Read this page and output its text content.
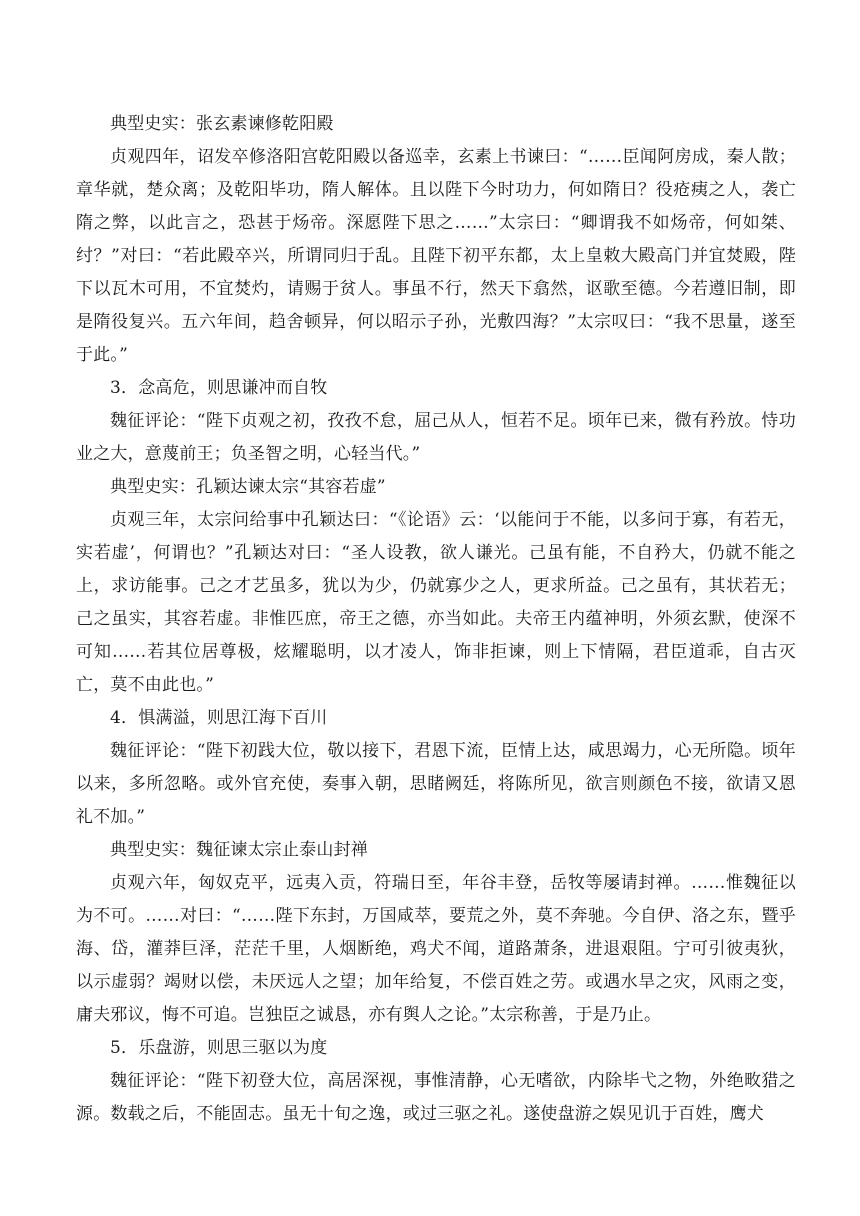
典型史实：张玄素谏修乾阳殿

贞观四年，诏发卒修洛阳宫乾阳殿以备巡幸，玄素上书谏曰：“……臣闻阿房成，秦人散；章华就，楚众离；及乾阳毕功，隋人解体。且以陛下今时功力，何如隋日？役疮痍之人，袭亡隋之弊，以此言之，恐甚于炀帝。深愿陛下思之……”太宗曰：“卿谓我不如炀帝，何如桀、纣？”对曰：“若此殿卒兴，所谓同归于乱。且陛下初平东都，太上皇敕大殿高门并宜焚殿，陛下以瓦木可用，不宜焚灼，请赐于贫人。事虽不行，然天下翕然，讴歌至德。今若遵旧制，即是隋役复兴。五六年间，趋舍顿异，何以昭示子孙，光敷四海？”太宗叹曰：“我不思量，遂至于此。”

3．念高危，则思谦冲而自牧

魏征评论：“陛下贞观之初，孜孜不怠，屈己从人，恒若不足。顷年已来，微有矜放。恃功业之大，意蔑前王；负圣智之明，心轻当代。”

典型史实：孔颖达谏太宗“其容若虚”

贞观三年，太宗问给事中孔颖达曰：“《论语》云：‘以能问于不能，以多问于寡，有若无，实若虚’，何谓也？”孔颖达对曰：“圣人设教，欲人谦光。己虽有能，不自矜大，仍就不能之上，求访能事。己之才艺虽多，犹以为少，仍就寡少之人，更求所益。己之虽有，其状若无；己之虽实，其容若虚。非惟匹庶，帝王之德，亦当如此。夫帝王内蕴神明，外须玄默，使深不可知……若其位居尊极，炫耀聪明，以才凌人，饰非拒谏，则上下情隔，君臣道乖，自古灭亡，莫不由此也。”

4．惧满溢，则思江海下百川

魏征评论：“陛下初践大位，敬以接下，君恩下流，臣情上达，咸思竭力，心无所隐。顷年以来，多所忽略。或外官充使，奏事入朝，思睹阙廷，将陈所见，欲言则颜色不接，欲请又恩礼不加。”

典型史实：魏征谏太宗止泰山封禅

贞观六年，匈奴克平，远夷入贡，符瑞日至，年谷丰登，岳牧等屡请封禅。……惟魏征以为不可。……对曰：“……陛下东封，万国咸萃，要荒之外，莫不奔驰。今自伊、洛之东，暨乎海、岱，灌莽巨泽，茫茫千里，人烟断绝，鸡犬不闻，道路萧条，进退艰阻。宁可引彼夷狄，以示虚弱？竭财以偿，未厌远人之望；加年给复，不偿百姓之劳。或遇水旱之灾，风雨之变，庸夫邪议，悔不可追。岂独臣之诚恳，亦有舆人之论。”太宗称善，于是乃止。

5．乐盘游，则思三驱以为度

魏征评论：“陛下初登大位，高居深视，事惟清静，心无嗜欲，内除毕弋之物，外绝畋猎之源。数载之后，不能固志。虽无十旬之逸，或过三驱之礼。遂使盘游之娱见讥于百姓，鹰犬
